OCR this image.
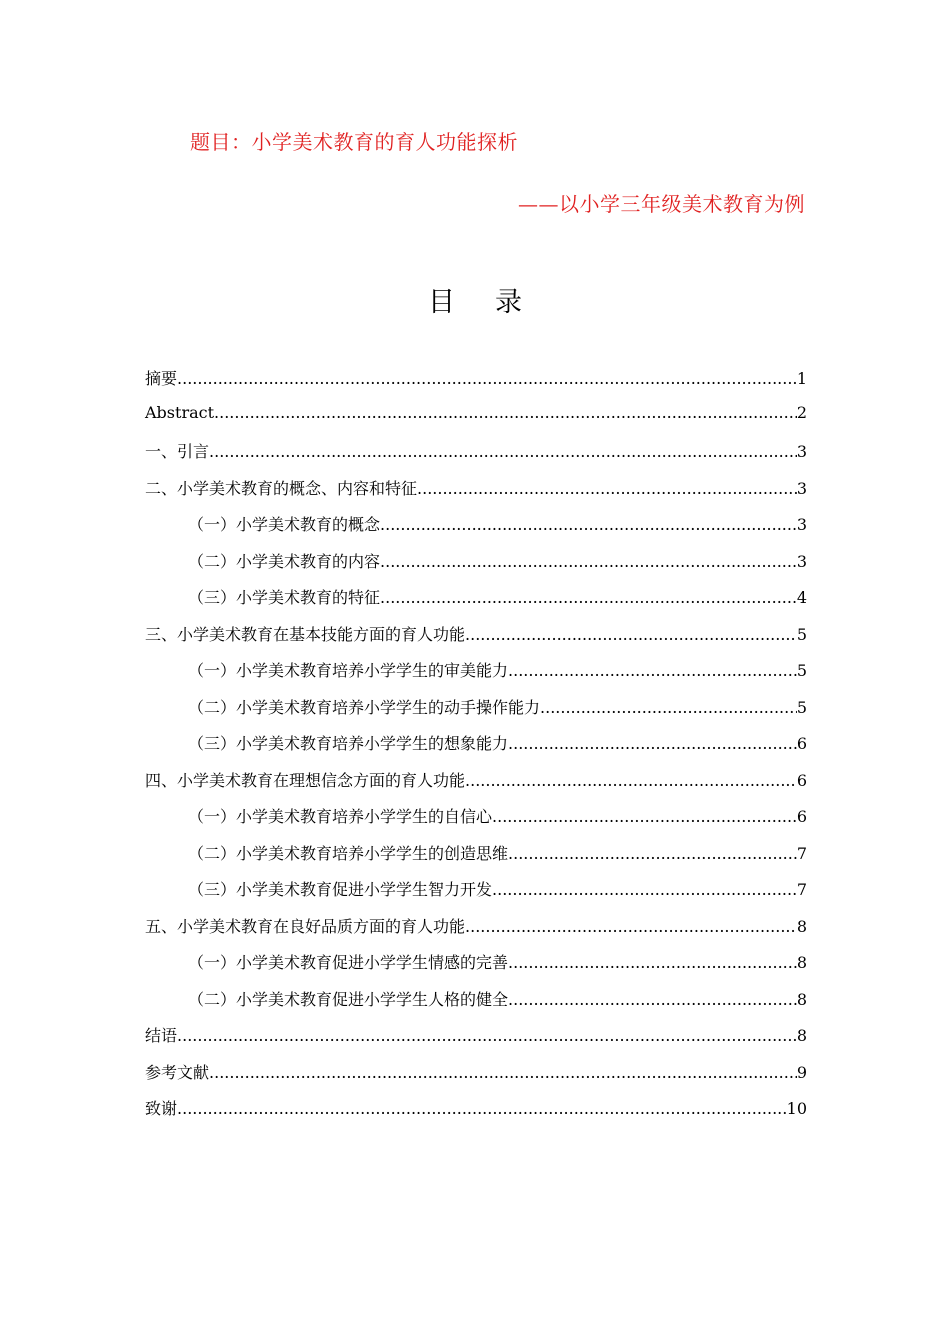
题目：小学美术教育的育人功能探析
——以小学三年级美术教育为例
目录
摘要 .....	1
Abstract .....	2
一、引言 .....	3
二、小学美术教育的概念、内容和特征 .....	3
（一）小学美术教育的概念 .....	3
（二）小学美术教育的内容 .....	3
（三）小学美术教育的特征 .....	4
三、小学美术教育在基本技能方面的育人功能 .....	5
（一）小学美术教育培养小学学生的审美能力 .....	5
（二）小学美术教育培养小学学生的动手操作能力 .....	5
（三）小学美术教育培养小学学生的想象能力 .....	6
四、小学美术教育在理想信念方面的育人功能 .....	6
（一）小学美术教育培养小学学生的自信心 .....	6
（二）小学美术教育培养小学学生的创造思维 .....	7
（三）小学美术教育促进小学学生智力开发 .....	7
五、小学美术教育在良好品质方面的育人功能 .....	8
（一）小学美术教育促进小学学生情感的完善 .....	8
（二）小学美术教育促进小学学生人格的健全 .....	8
结语 .....	8
参考文献 .....	9
致谢 .....	10
